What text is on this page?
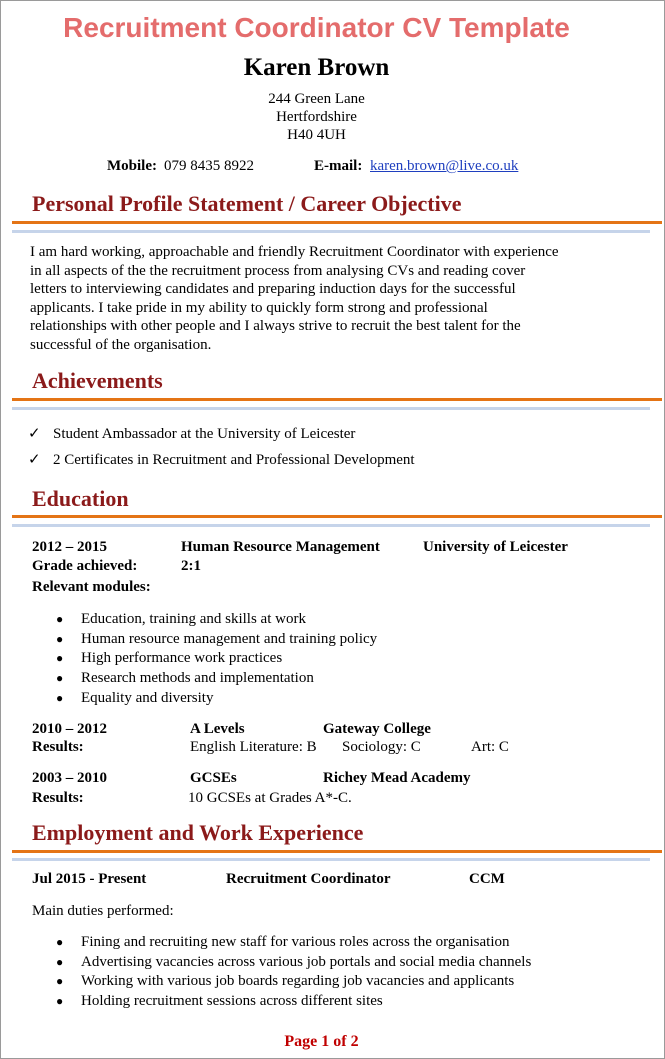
Recruitment Coordinator CV Template
Karen Brown
244 Green Lane
Hertfordshire
H40 4UH
Mobile: 079 8435 8922	E-mail: karen.brown@live.co.uk
Personal Profile Statement / Career Objective

I am hard working, approachable and friendly Recruitment Coordinator with experience

in all aspects of the the recruitment process from analysing CVs and reading cover

letters to interviewing candidates and preparing induction days for the successful

applicants. I take pride in my ability to quickly form strong and professional

relationships with other people and I always strive to recruit the best talent for the

successful of the organisation.

Achievements
✓ Student Ambassador at the University of Leicester
✓ 2 Certificates in Recruitment and Professional Development
Education
2012 – 2015	Human Resource Management	University of Leicester
Grade achieved:	2:1
Relevant modules:
● Education, training and skills at work
● Human resource management and training policy
● High performance work practices
● Research methods and implementation
● Equality and diversity
2010 – 2012	A Levels	Gateway College
Results:	English Literature: B Sociology: C	Art: C
2003 – 2010	GCSEs	Richey Mead Academy
Results:	10 GCSEs at Grades A*-C.
Employment and Work Experience
Jul 2015 - Present	Recruitment Coordinator	CCM
Main duties performed:
● Fining and recruiting new staff for various roles across the organisation
● Advertising vacancies across various job portals and social media channels
● Working with various job boards regarding job vacancies and applicants
● Holding recruitment sessions across different sites
Page 1 of 2
